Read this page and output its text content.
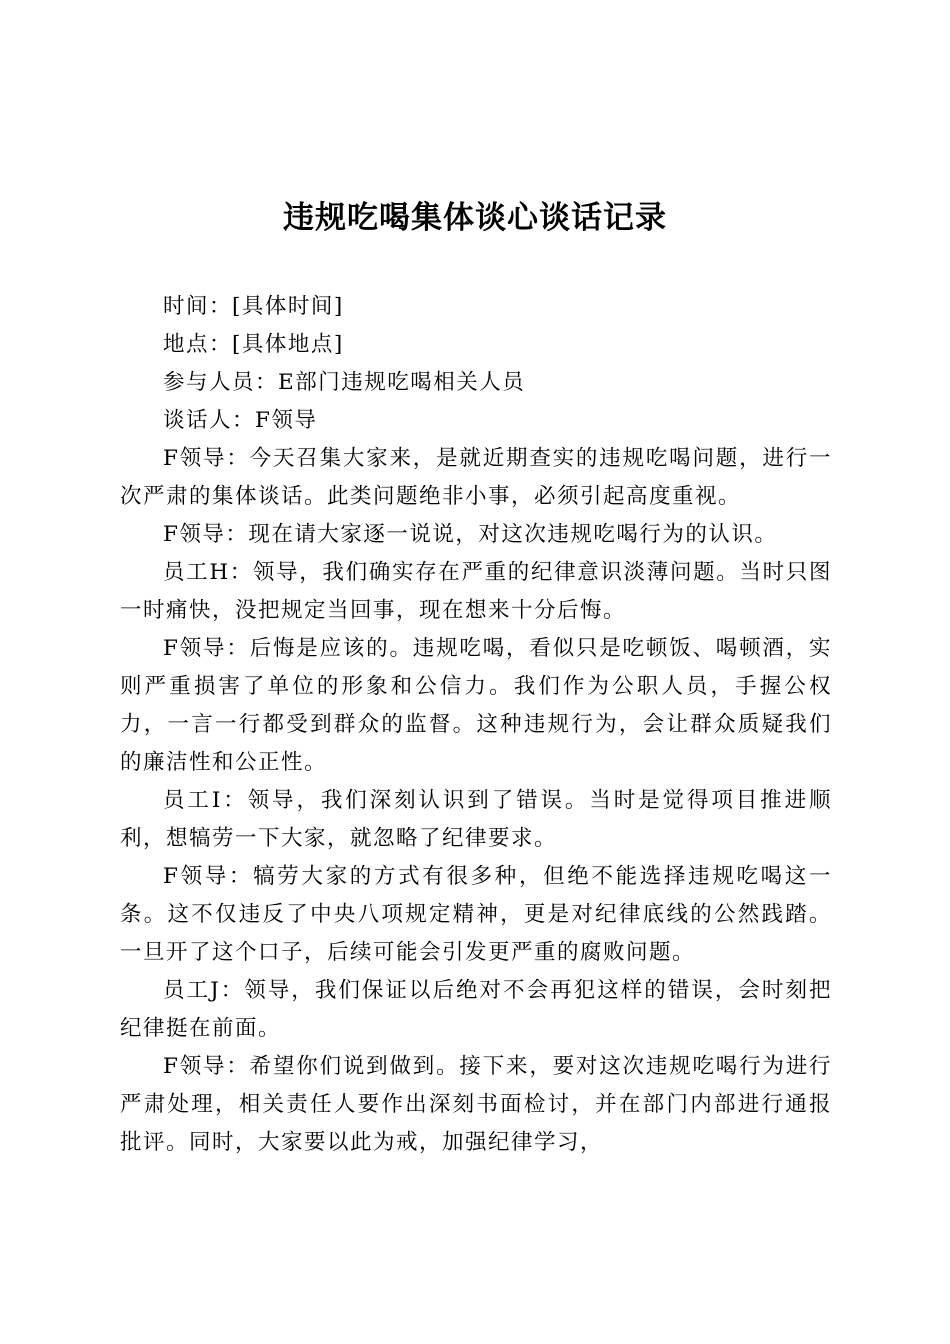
违规吃喝集体谈心谈话记录

时间：[具体时间]

地点：[具体地点]

参与人员：E部门违规吃喝相关人员

谈话人：F领导

F领导：今天召集大家来，是就近期查实的违规吃喝问题，进行一次严肃的集体谈话。此类问题绝非小事，必须引起高度重视。

F领导：现在请大家逐一说说，对这次违规吃喝行为的认识。

员工H：领导，我们确实存在严重的纪律意识淡薄问题。当时只图一时痛快，没把规定当回事，现在想来十分后悔。

F领导：后悔是应该的。违规吃喝，看似只是吃顿饭、喝顿酒，实则严重损害了单位的形象和公信力。我们作为公职人员，手握公权力，一言一行都受到群众的监督。这种违规行为，会让群众质疑我们的廉洁性和公正性。

员工I：领导，我们深刻认识到了错误。当时是觉得项目推进顺利，想犒劳一下大家，就忽略了纪律要求。

F领导：犒劳大家的方式有很多种，但绝不能选择违规吃喝这一条。这不仅违反了中央八项规定精神，更是对纪律底线的公然践踏。一旦开了这个口子，后续可能会引发更严重的腐败问题。

员工J：领导，我们保证以后绝对不会再犯这样的错误，会时刻把纪律挺在前面。

F领导：希望你们说到做到。接下来，要对这次违规吃喝行为进行严肃处理，相关责任人要作出深刻书面检讨，并在部门内部进行通报批评。同时，大家要以此为戒，加强纪律学习，
